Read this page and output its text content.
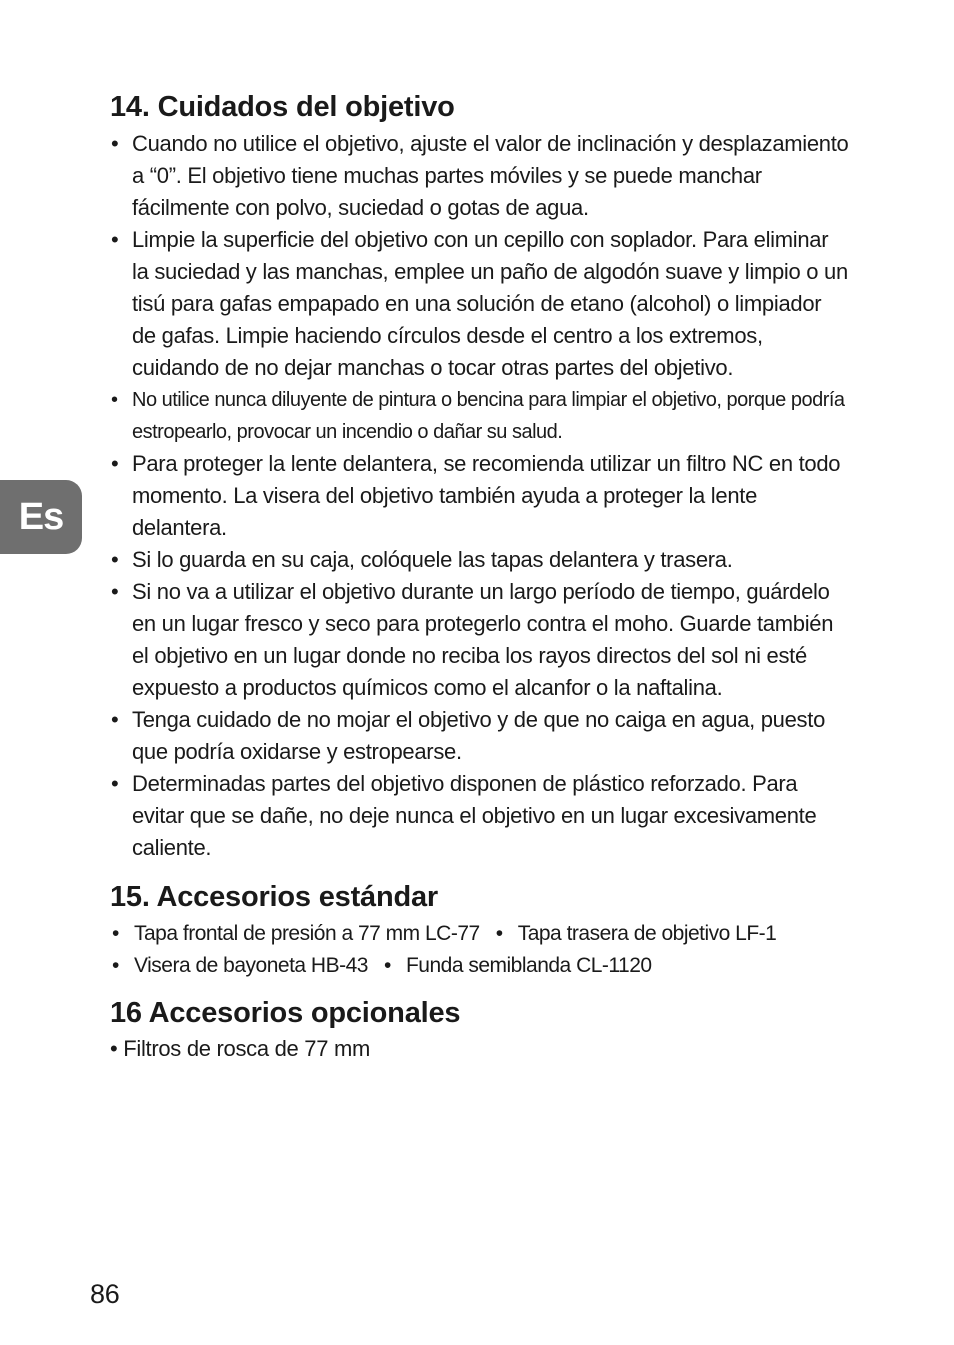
Es
14. Cuidados del objetivo
• Cuando no utilice el objetivo, ajuste el valor de inclinación y desplazamiento a “0”. El objetivo tiene muchas partes móviles y se puede manchar fácilmente con polvo, suciedad o gotas de agua.
• Limpie la superficie del objetivo con un cepillo con soplador. Para eliminar la suciedad y las manchas, emplee un paño de algodón suave y limpio o un tisú para gafas empapado en una solución de etano (alcohol) o limpiador de gafas. Limpie haciendo círculos desde el centro a los extremos, cuidando de no dejar manchas o tocar otras partes del objetivo.
• No utilice nunca diluyente de pintura o bencina para limpiar el objetivo, porque podría estropearlo, provocar un incendio o dañar su salud.
• Para proteger la lente delantera, se recomienda utilizar un filtro NC en todo momento. La visera del objetivo también ayuda a proteger la lente delantera.
• Si lo guarda en su caja, colóquele las tapas delantera y trasera.
• Si no va a utilizar el objetivo durante un largo período de tiempo, guárdelo en un lugar fresco y seco para protegerlo contra el moho. Guarde también el objetivo en un lugar donde no reciba los rayos directos del sol ni esté expuesto a productos químicos como el alcanfor o la naftalina.
• Tenga cuidado de no mojar el objetivo y de que no caiga en agua, puesto que podría oxidarse y estropearse.
• Determinadas partes del objetivo disponen de plástico reforzado. Para evitar que se dañe, no deje nunca el objetivo en un lugar excesivamente caliente.
15. Accesorios estándar
• Tapa frontal de presión a 77 mm LC-77	• Tapa trasera de objetivo LF-1
• Visera de bayoneta HB-43	• Funda semiblanda CL-1120
16 Accesorios opcionales
• Filtros de rosca de 77 mm
86
